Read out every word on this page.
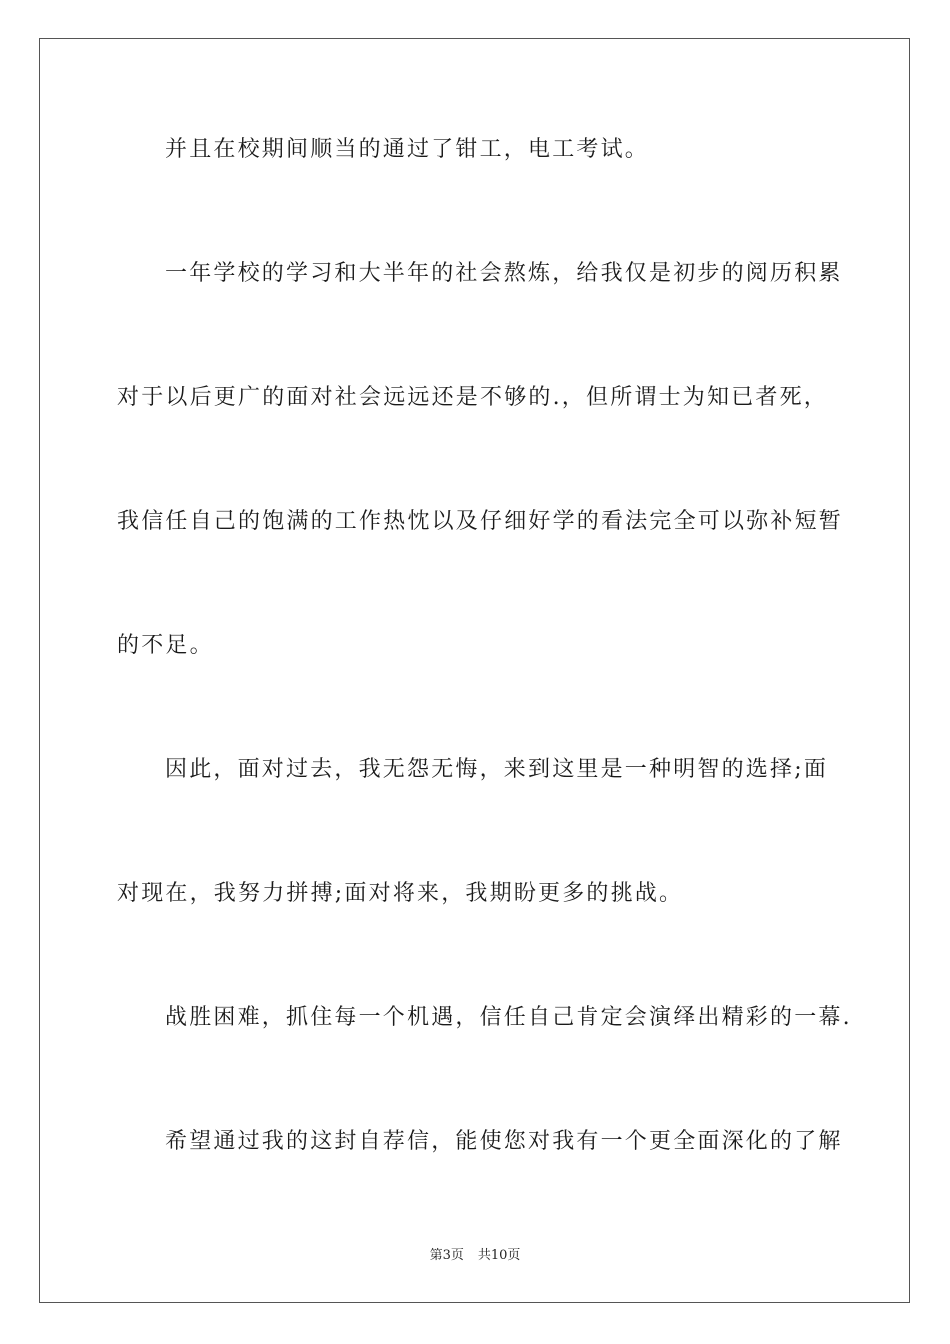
并且在校期间顺当的通过了钳工，电工考试。
一年学校的学习和大半年的社会熬炼，给我仅是初步的阅历积累
对于以后更广的面对社会远远还是不够的.，但所谓士为知已者死，
我信任自己的饱满的工作热忱以及仔细好学的看法完全可以弥补短暂
的不足。
因此，面对过去，我无怨无悔，来到这里是一种明智的选择;面
对现在，我努力拼搏;面对将来，我期盼更多的挑战。
战胜困难，抓住每一个机遇，信任自己肯定会演绎出精彩的一幕.
希望通过我的这封自荐信，能使您对我有一个更全面深化的了解
第3页 共10页
